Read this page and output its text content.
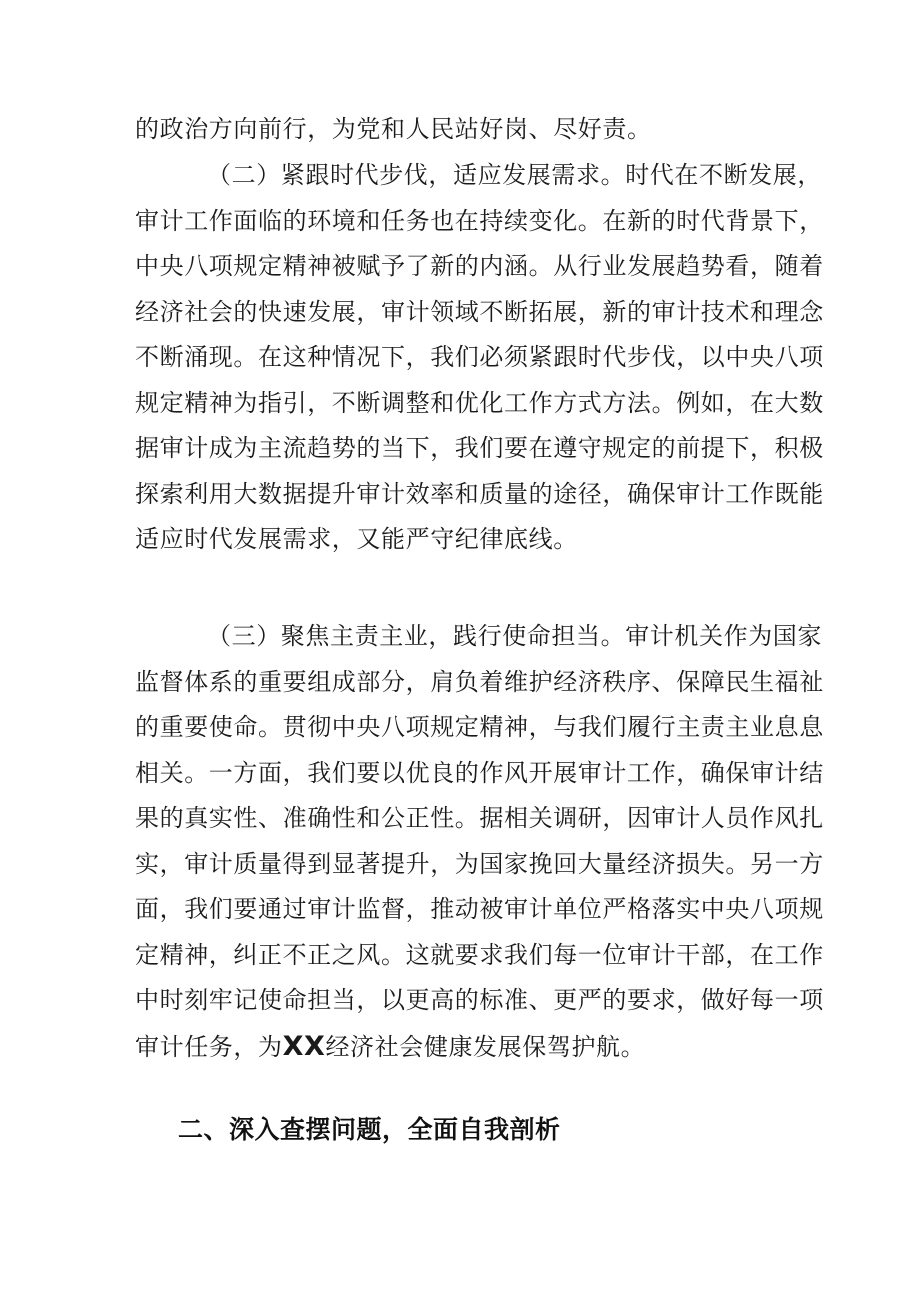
的政治方向前行，为党和人民站好岗、尽好责。
（二）紧跟时代步伐，适应发展需求。时代在不断发展，
审计工作面临的环境和任务也在持续变化。在新的时代背景下，
中央八项规定精神被赋予了新的内涵。从行业发展趋势看，随着
经济社会的快速发展，审计领域不断拓展，新的审计技术和理念
不断涌现。在这种情况下，我们必须紧跟时代步伐，以中央八项
规定精神为指引，不断调整和优化工作方式方法。例如，在大数
据审计成为主流趋势的当下，我们要在遵守规定的前提下，积极
探索利用大数据提升审计效率和质量的途径，确保审计工作既能
适应时代发展需求，又能严守纪律底线。
（三）聚焦主责主业，践行使命担当。审计机关作为国家
监督体系的重要组成部分，肩负着维护经济秩序、保障民生福祉
的重要使命。贯彻中央八项规定精神，与我们履行主责主业息息
相关。一方面，我们要以优良的作风开展审计工作，确保审计结
果的真实性、准确性和公正性。据相关调研，因审计人员作风扎
实，审计质量得到显著提升，为国家挽回大量经济损失。另一方
面，我们要通过审计监督，推动被审计单位严格落实中央八项规
定精神，纠正不正之风。这就要求我们每一位审计干部，在工作
中时刻牢记使命担当，以更高的标准、更严的要求，做好每一项
审计任务，为XX经济社会健康发展保驾护航。
二、深入查摆问题，全面自我剖析
